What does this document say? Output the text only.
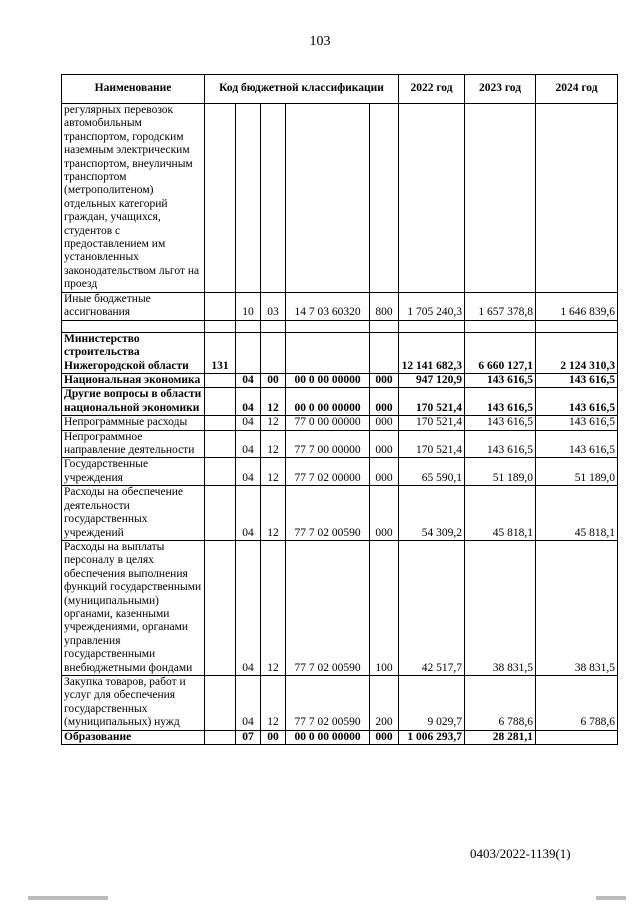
103
Наименование	Код бюджетной классификации					2022 год	2023 год	2024 год
регулярных перевозок автомобильным транспортом, городским наземным электрическим транспортом, внеуличным транспортом (метрополитеном) отдельных категорий граждан, учащихся, студентов с предоставлением им установленных законодательством льгот на проезд								
Иные бюджетные ассигнования		10	03	14 7 03 60320	800	1 705 240,3	1 657 378,8	1 646 839,6

Министерство строительства Нижегородской области	131					12 141 682,3	6 660 127,1	2 124 310,3
Национальная экономика		04	00	00 0 00 00000	000	947 120,9	143 616,5	143 616,5
Другие вопросы в области национальной экономики		04	12	00 0 00 00000	000	170 521,4	143 616,5	143 616,5
Непрограммные расходы		04	12	77 0 00 00000	000	170 521,4	143 616,5	143 616,5
Непрограммное направление деятельности		04	12	77 7 00 00000	000	170 521,4	143 616,5	143 616,5
Государственные учреждения		04	12	77 7 02 00000	000	65 590,1	51 189,0	51 189,0
Расходы на обеспечение деятельности государственных учреждений		04	12	77 7 02 00590	000	54 309,2	45 818,1	45 818,1
Расходы на выплаты персоналу в целях обеспечения выполнения функций государственными (муниципальными) органами, казенными учреждениями, органами управления государственными внебюджетными фондами		04	12	77 7 02 00590	100	42 517,7	38 831,5	38 831,5
Закупка товаров, работ и услуг для обеспечения государственных (муниципальных) нужд		04	12	77 7 02 00590	200	9 029,7	6 788,6	6 788,6
Образование		07	00	00 0 00 00000	000	1 006 293,7	28 281,1	
0403/2022-1139(1)
